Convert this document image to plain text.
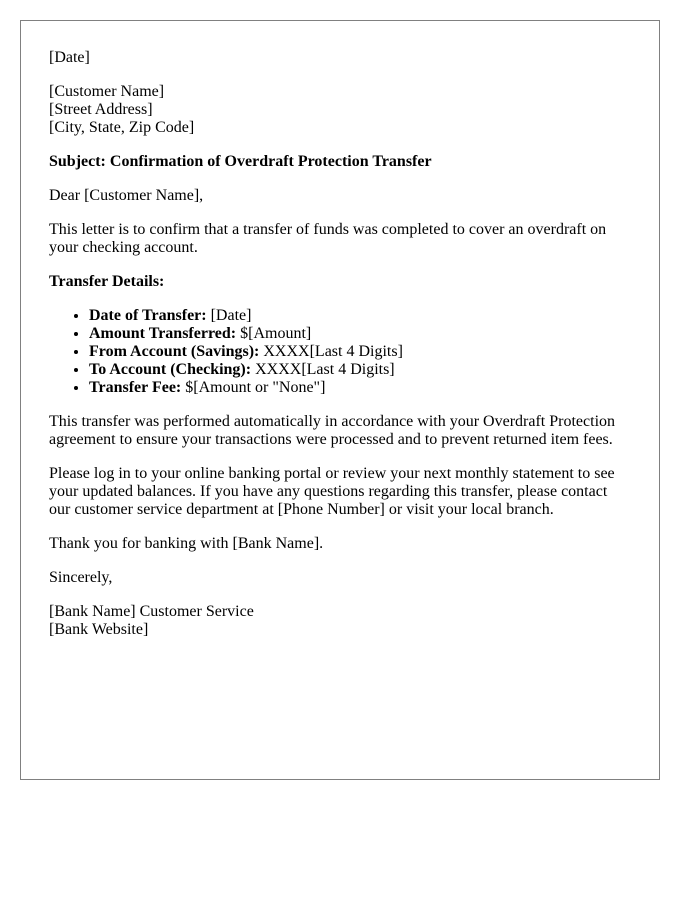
[Date]

[Customer Name]
[Street Address]
[City, State, Zip Code]

Subject: Confirmation of Overdraft Protection Transfer

Dear [Customer Name],

This letter is to confirm that a transfer of funds was completed to cover an overdraft on your checking account.

Transfer Details:

• Date of Transfer: [Date]
• Amount Transferred: $[Amount]
• From Account (Savings): XXXX[Last 4 Digits]
• To Account (Checking): XXXX[Last 4 Digits]
• Transfer Fee: $[Amount or "None"]

This transfer was performed automatically in accordance with your Overdraft Protection agreement to ensure your transactions were processed and to prevent returned item fees.

Please log in to your online banking portal or review your next monthly statement to see your updated balances. If you have any questions regarding this transfer, please contact our customer service department at [Phone Number] or visit your local branch.

Thank you for banking with [Bank Name].

Sincerely,

[Bank Name] Customer Service
[Bank Website]
